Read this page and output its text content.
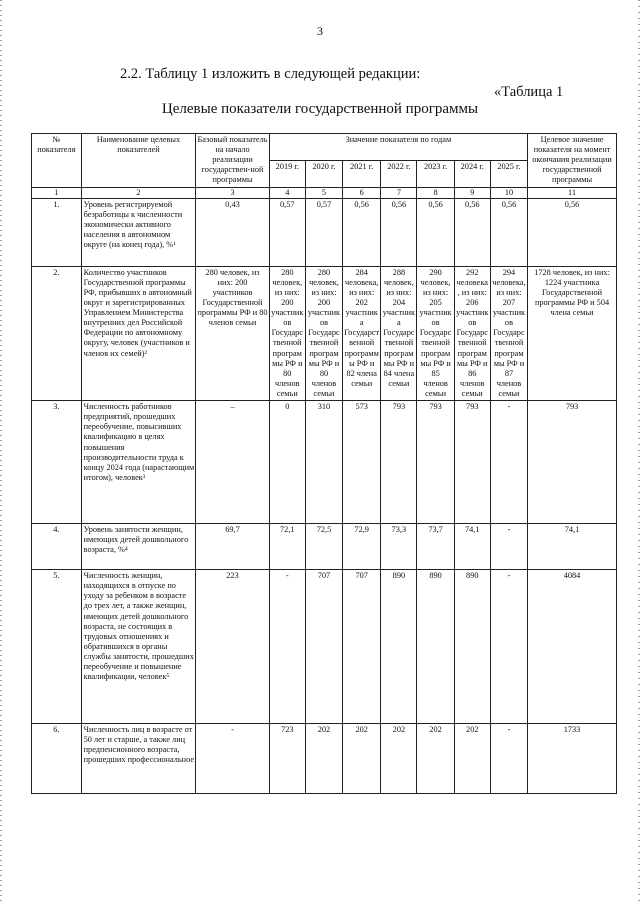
3
2.2. Таблицу 1 изложить в следующей редакции:
«Таблица 1
Целевые показатели государственной программы
№ показателя	Наименование целевых показателей	Базовый показатель на начало реализации государствен-ной программы	Значение показателя по годам							Целевое значение показателя на момент окончания реализации государственной программы
			2019 г.	2020 г.	2021 г.	2022 г.	2023 г.	2024 г.	2025 г.	
1	2	3	4	5	6	7	8	9	10	11
1.	Уровень регистрируемой безработицы к численности экономически активного населения в автономном округе (на конец года), %¹	0,43	0,57	0,57	0,56	0,56	0,56	0,56	0,56	0,56
2.	Количество участников Государственной программы РФ, прибывших в автономный округ и зарегистрированных Управлением Министерства внутренних дел Российской Федерации по автономному округу, человек (участников и членов их семей)²	280 человек, из них: 200 участников Государственной программы РФ и 80 членов семьи	280 человек, из них: 200 участников Государственной программы РФ и 80 членов семьи	280 человек, из них: 200 участников Государственной программы РФ и 80 членов семьи	284 человека, из них: 202 участника Государственной программы РФ и 82 члена семьи	288 человек, из них: 204 участника Государственной программы РФ и 84 члена семьи	290 человек, из них: 205 участников Государственной программы РФ и 85 членов семьи	292 человека, из них: 206 участников Государственной программы РФ и 86 членов семьи	294 человека, из них: 207 участников Государственной программы РФ и 87 членов семьи	1728 человек, из них: 1224 участника Государственной программы РФ и 504 члена семьи
3.	Численность работников предприятий, прошедших переобучение, повысивших квалификацию в целях повышения производительности труда к концу 2024 года (нарастающим итогом), человек³	–	0	310	573	793	793	793	-	793
4.	Уровень занятости женщин, имеющих детей дошкольного возраста, %⁴	69,7	72,1	72,5	72,9	73,3	73,7	74,1	-	74,1
5.	Численность женщин, находящихся в отпуске по уходу за ребенком в возрасте до трех лет, а также женщин, имеющих детей дошкольного возраста, не состоящих в трудовых отношениях и обратившихся в органы службы занятости, прошедших переобучение и повышение квалификации, человек⁵	223	-	707	707	890	890	890	-	4084
6.	Численность лиц в возрасте от 50 лет и старше, а также лиц предпенсионного возраста, прошедших профессиональное	-	723	202	202	202	202	202	-	1733
